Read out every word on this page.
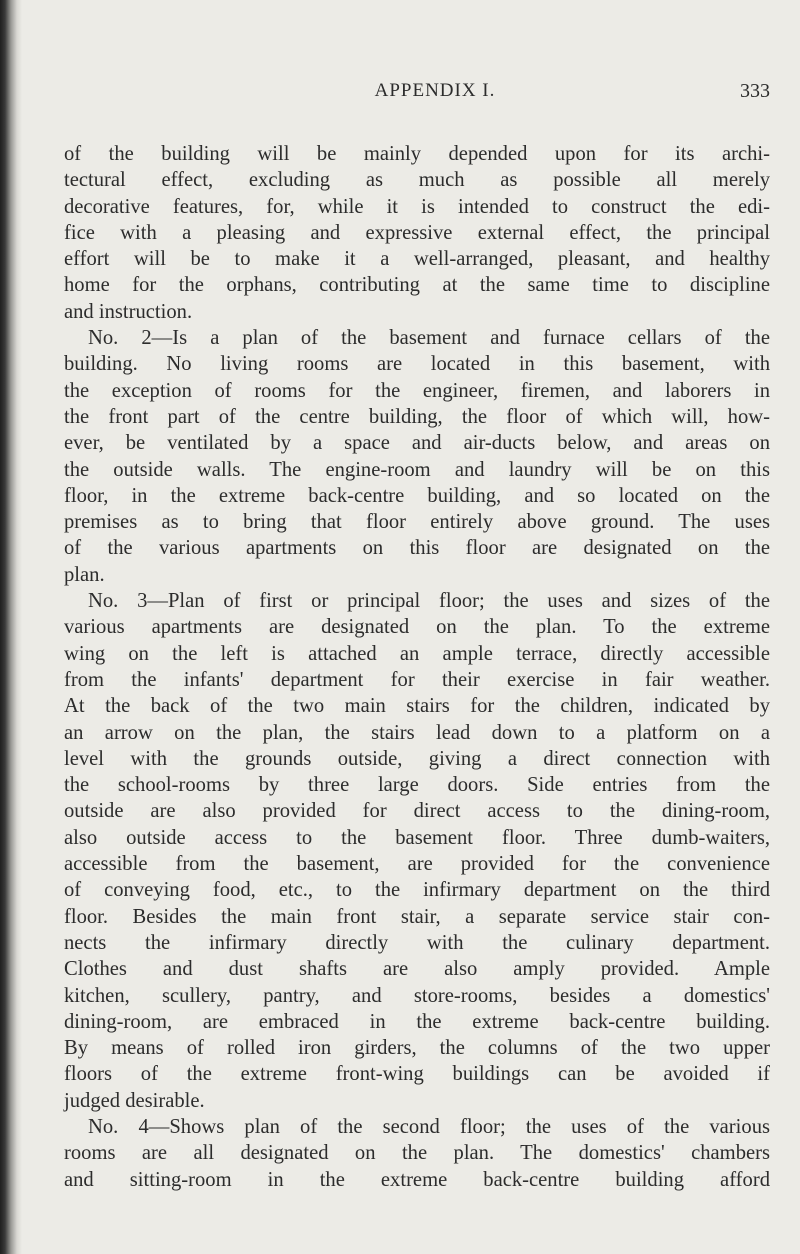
APPENDIX I.	333
of the building will be mainly depended upon for its archi-
tectural effect, excluding as much as possible all merely
decorative features, for, while it is intended to construct the edi-
fice with a pleasing and expressive external effect, the principal
effort will be to make it a well-arranged, pleasant, and healthy
home for the orphans, contributing at the same time to discipline
and instruction.
No. 2—Is a plan of the basement and furnace cellars of the
building. No living rooms are located in this basement, with
the exception of rooms for the engineer, firemen, and laborers in
the front part of the centre building, the floor of which will, how-
ever, be ventilated by a space and air-ducts below, and areas on
the outside walls. The engine-room and laundry will be on this
floor, in the extreme back-centre building, and so located on the
premises as to bring that floor entirely above ground. The uses
of the various apartments on this floor are designated on the
plan.
No. 3—Plan of first or principal floor; the uses and sizes of the
various apartments are designated on the plan. To the extreme
wing on the left is attached an ample terrace, directly accessible
from the infants' department for their exercise in fair weather.
At the back of the two main stairs for the children, indicated by
an arrow on the plan, the stairs lead down to a platform on a
level with the grounds outside, giving a direct connection with
the school-rooms by three large doors. Side entries from the
outside are also provided for direct access to the dining-room,
also outside access to the basement floor. Three dumb-waiters,
accessible from the basement, are provided for the convenience
of conveying food, etc., to the infirmary department on the third
floor. Besides the main front stair, a separate service stair con-
nects the infirmary directly with the culinary department.
Clothes and dust shafts are also amply provided. Ample
kitchen, scullery, pantry, and store-rooms, besides a domestics'
dining-room, are embraced in the extreme back-centre building.
By means of rolled iron girders, the columns of the two upper
floors of the extreme front-wing buildings can be avoided if
judged desirable.
No. 4—Shows plan of the second floor; the uses of the various
rooms are all designated on the plan. The domestics' chambers
and sitting-room in the extreme back-centre building afford
